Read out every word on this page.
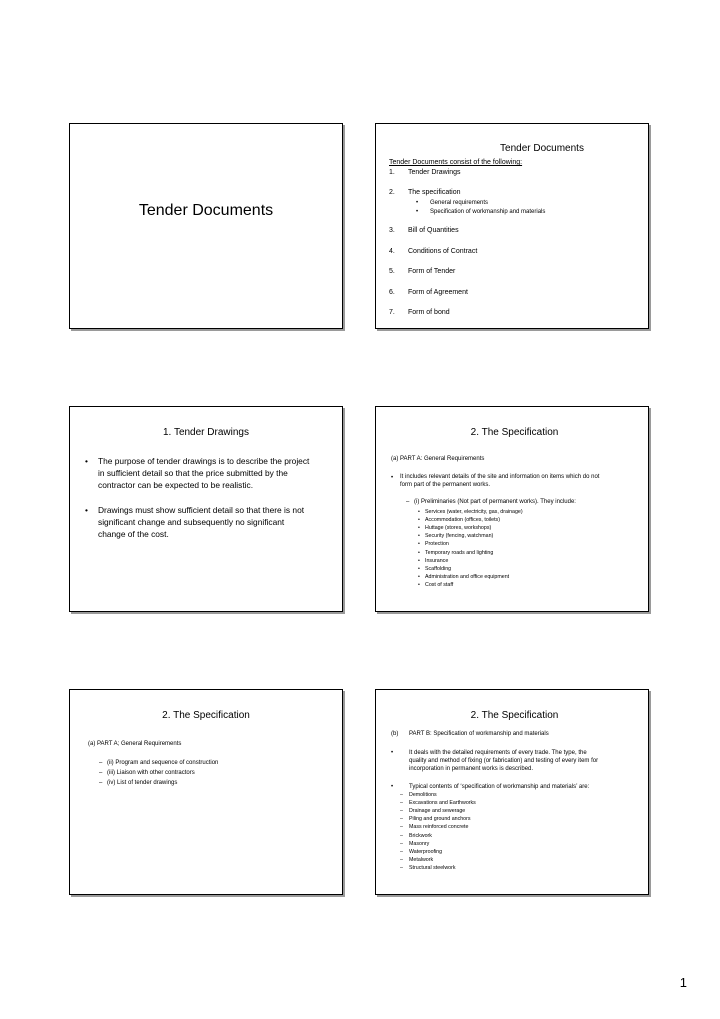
Tender Documents
Tender Documents
Tender Documents consist of the following:
1. Tender Drawings
2. The specification
• General requirements
• Specification of workmanship and materials
3. Bill of Quantities
4. Conditions of Contract
5. Form of Tender
6. Form of Agreement
7. Form of bond
1. Tender Drawings
• The purpose of tender drawings is to describe the project
in sufficient detail so that the price submitted by the
contractor can be expected to be realistic.
• Drawings must show sufficient detail so that there is not
significant change and subsequently no significant
change of the cost.
2. The Specification
(a) PART A: General Requirements
• It includes relevant details of the site and information on items which do not
form part of the permanent works.
– (i) Preliminaries (Not part of permanent works). They include:
• Services (water, electricity, gas, drainage)
• Accommodation (offices, toilets)
• Huttage (stores, workshops)
• Security (fencing, watchman)
• Protection
• Temporary roads and lighting
• Insurance
• Scaffolding
• Administration and office equipment
• Cost of staff
2. The Specification
(a) PART A; General Requirements
– (ii) Program and sequence of construction
– (iii) Liaison with other contractors
– (iv) List of tender drawings
2. The Specification
(b) PART B: Specification of workmanship and materials
•	It deals with the detailed requirements of every trade. The type, the
quality and method of fixing (or fabrication) and testing of every item for
incorporation in permanent works is described.
•	Typical contents of ‘specification of workmanship and materials’ are:
– Demolitions
– Excavations and Earthworks
– Drainage and sewerage
– Piling and ground anchors
– Mass reinforced concrete
– Brickwork
– Masonry
– Waterproofing
– Metalwork
– Structural steelwork
1
